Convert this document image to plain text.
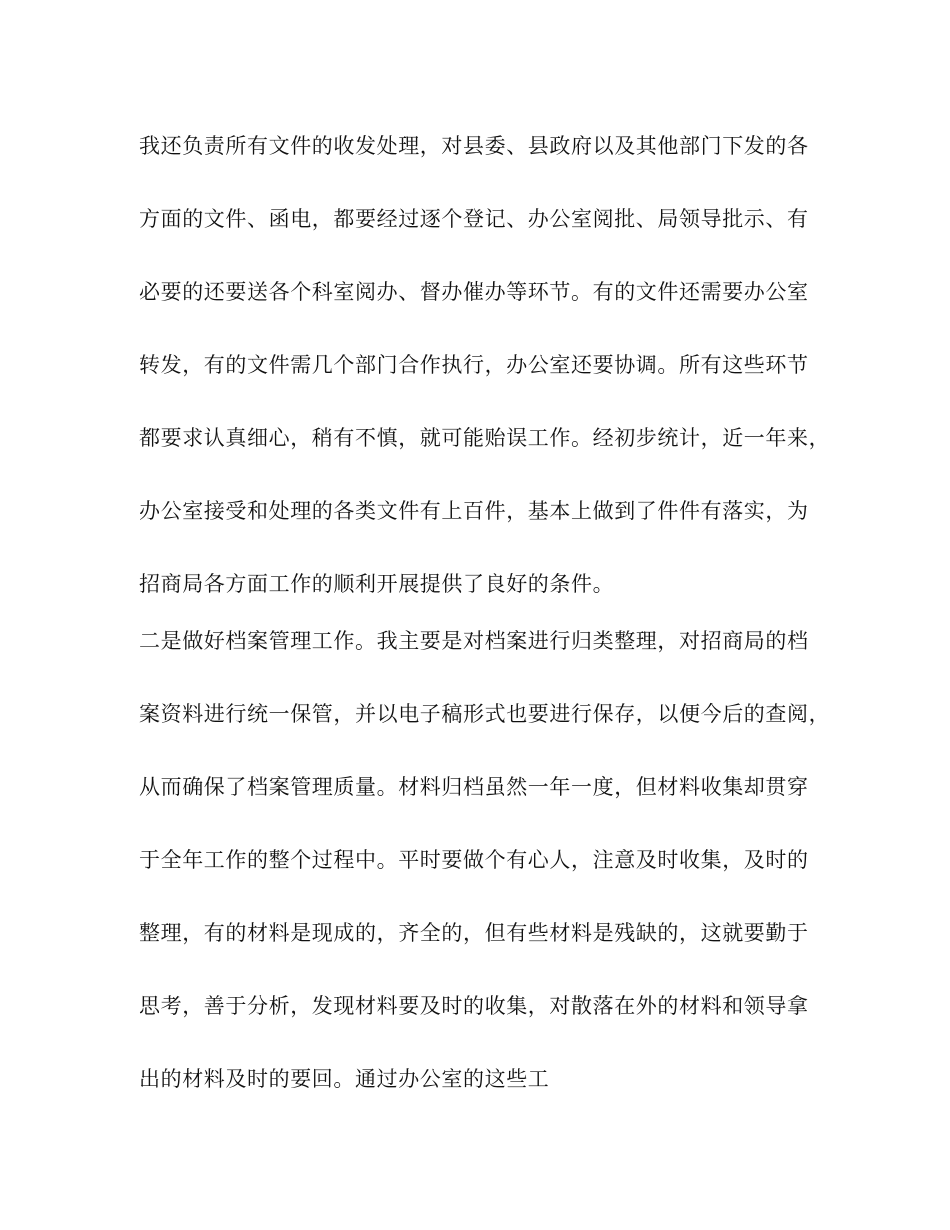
我还负责所有文件的收发处理，对县委、县政府以及其他部门下发的各
方面的文件、函电，都要经过逐个登记、办公室阅批、局领导批示、有
必要的还要送各个科室阅办、督办催办等环节。有的文件还需要办公室
转发，有的文件需几个部门合作执行，办公室还要协调。所有这些环节
都要求认真细心，稍有不慎，就可能贻误工作。经初步统计，近一年来，
办公室接受和处理的各类文件有上百件，基本上做到了件件有落实，为
招商局各方面工作的顺利开展提供了良好的条件。
二是做好档案管理工作。我主要是对档案进行归类整理，对招商局的档
案资料进行统一保管，并以电子稿形式也要进行保存，以便今后的查阅，
从而确保了档案管理质量。材料归档虽然一年一度，但材料收集却贯穿
于全年工作的整个过程中。平时要做个有心人，注意及时收集，及时的
整理，有的材料是现成的，齐全的，但有些材料是残缺的，这就要勤于
思考，善于分析，发现材料要及时的收集，对散落在外的材料和领导拿
出的材料及时的要回。通过办公室的这些工
